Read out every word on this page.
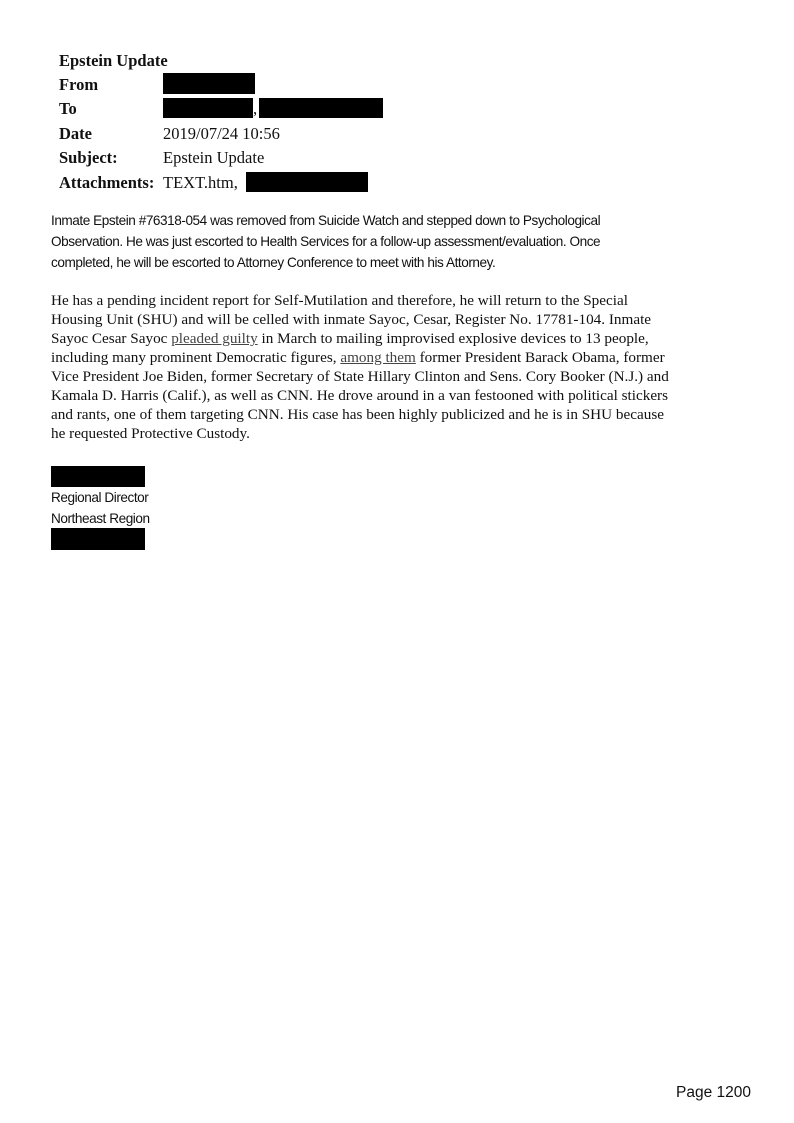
Epstein Update
From
To	,
Date	2019/07/24 10:56
Subject:	Epstein Update
Attachments: TEXT.htm,
Inmate Epstein #76318-054 was removed from Suicide Watch and stepped down to Psychological
Observation. He was just escorted to Health Services for a follow-up assessment/evaluation. Once
completed, he will be escorted to Attorney Conference to meet with his Attorney.
He has a pending incident report for Self-Mutilation and therefore, he will return to the Special
Housing Unit (SHU) and will be celled with inmate Sayoc, Cesar, Register No. 17781-104. Inmate
Sayoc Cesar Sayoc pleaded guilty in March to mailing improvised explosive devices to 13 people,
including many prominent Democratic figures, among them former President Barack Obama, former
Vice President Joe Biden, former Secretary of State Hillary Clinton and Sens. Cory Booker (N.J.) and
Kamala D. Harris (Calif.), as well as CNN. He drove around in a van festooned with political stickers
and rants, one of them targeting CNN. His case has been highly publicized and he is in SHU because
he requested Protective Custody.
Regional Director
Northeast Region
Page 1200
